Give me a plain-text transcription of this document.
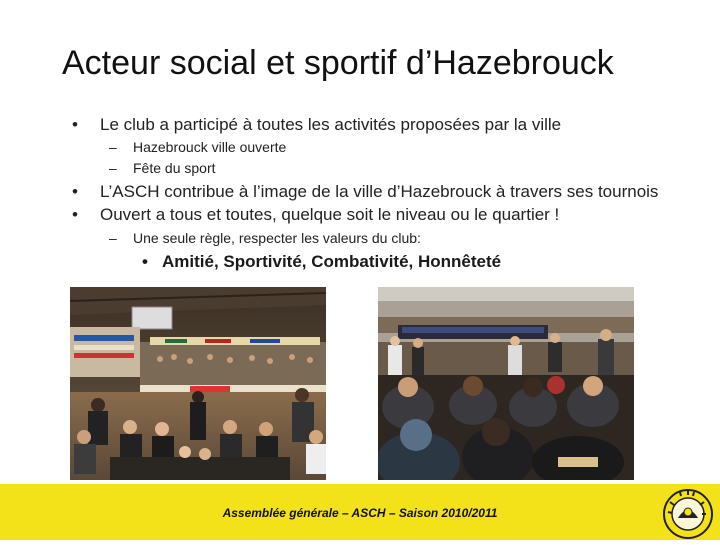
Acteur social et sportif d’Hazebrouck
• Le club a participé à toutes les activités proposées par la ville
– Hazebrouck ville ouverte
– Fête du sport
• L’ASCH contribue à l’image de la ville d’Hazebrouck à travers ses tournois
• Ouvert a tous et toutes, quelque soit le niveau ou le quartier !
– Une seule règle, respecter les valeurs du club:
• Amitié, Sportivité, Combativité, Honnêteté
Assemblée générale – ASCH – Saison 2010/2011
